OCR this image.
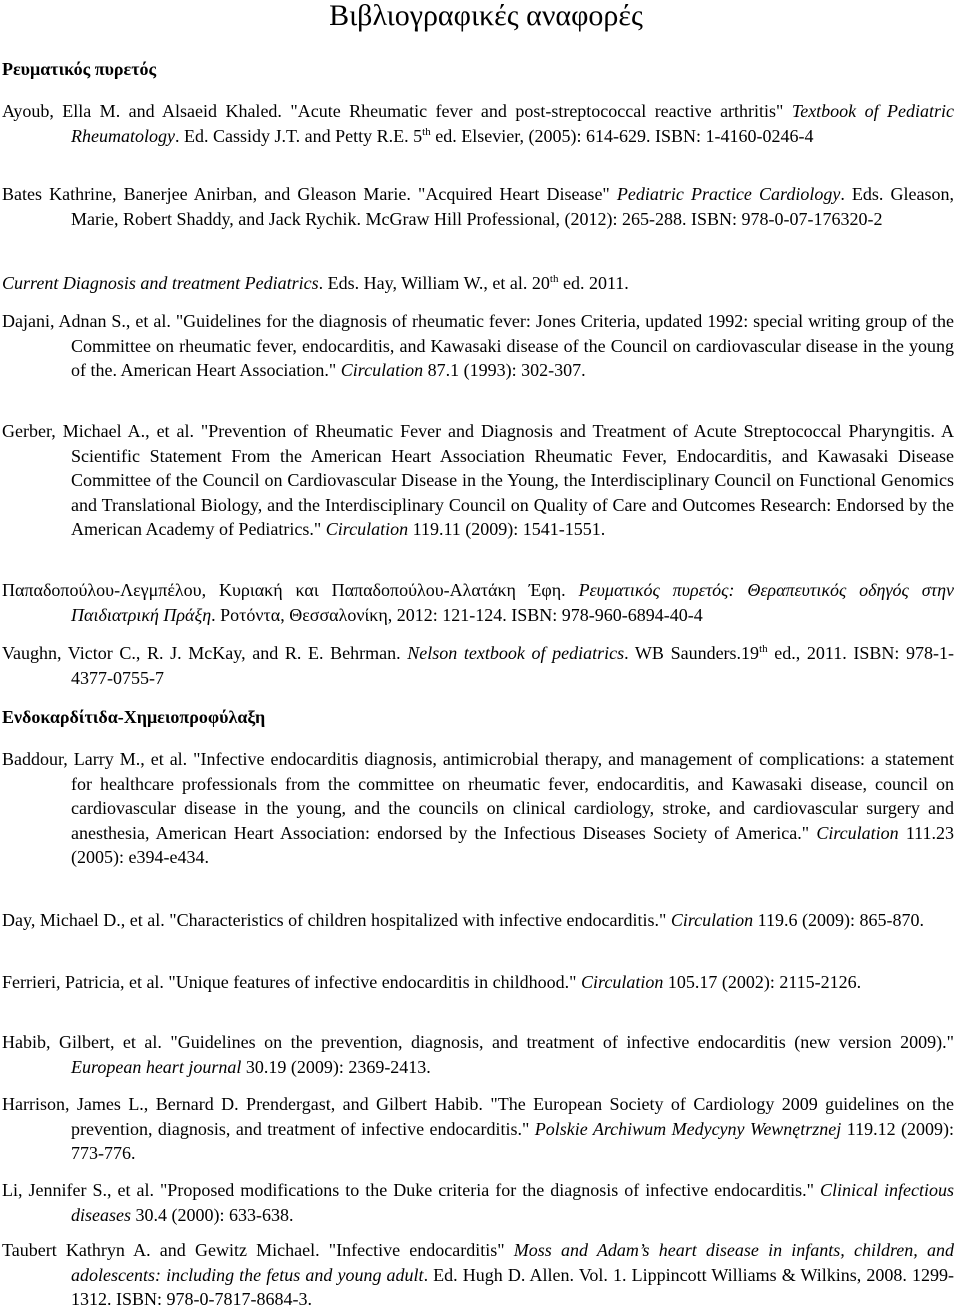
Βιβλιογραφικές αναφορές
Ρευματικός πυρετός
Ayoub, Ella M. and Alsaeid Khaled. "Acute Rheumatic fever and post-streptococcal reactive arthritis" Textbook of Pediatric Rheumatology. Ed. Cassidy J.T. and Petty R.E. 5th ed. Elsevier, (2005): 614-629. ISBN: 1-4160-0246-4
Bates Kathrine, Banerjee Anirban, and Gleason Marie. "Acquired Heart Disease" Pediatric Practice Cardiology. Eds. Gleason, Marie, Robert Shaddy, and Jack Rychik. McGraw Hill Professional, (2012): 265-288. ISBN: 978-0-07-176320-2
Current Diagnosis and treatment Pediatrics. Eds. Hay, William W., et al. 20th ed. 2011.
Dajani, Adnan S., et al. "Guidelines for the diagnosis of rheumatic fever: Jones Criteria, updated 1992: special writing group of the Committee on rheumatic fever, endocarditis, and Kawasaki disease of the Council on cardiovascular disease in the young of the. American Heart Association." Circulation 87.1 (1993): 302-307.
Gerber, Michael A., et al. "Prevention of Rheumatic Fever and Diagnosis and Treatment of Acute Streptococcal Pharyngitis. A Scientific Statement From the American Heart Association Rheumatic Fever, Endocarditis, and Kawasaki Disease Committee of the Council on Cardiovascular Disease in the Young, the Interdisciplinary Council on Functional Genomics and Translational Biology, and the Interdisciplinary Council on Quality of Care and Outcomes Research: Endorsed by the American Academy of Pediatrics." Circulation 119.11 (2009): 1541-1551.
Παπαδοπούλου-Λεγμπέλου, Κυριακή και Παπαδοπούλου-Αλατάκη Έφη. Ρευματικός πυρετός: Θεραπευτικός οδηγός στην Παιδιατρική Πράξη. Ροτόντα, Θεσσαλονίκη, 2012: 121-124. ISBN: 978-960-6894-40-4
Vaughn, Victor C., R. J. McKay, and R. E. Behrman. Nelson textbook of pediatrics. WB Saunders.19th ed., 2011. ISBN: 978-1-4377-0755-7
Ενδοκαρδίτιδα-Χημειοπροφύλαξη
Baddour, Larry M., et al. "Infective endocarditis diagnosis, antimicrobial therapy, and management of complications: a statement for healthcare professionals from the committee on rheumatic fever, endocarditis, and Kawasaki disease, council on cardiovascular disease in the young, and the councils on clinical cardiology, stroke, and cardiovascular surgery and anesthesia, American Heart Association: endorsed by the Infectious Diseases Society of America." Circulation 111.23 (2005): e394-e434.
Day, Michael D., et al. "Characteristics of children hospitalized with infective endocarditis." Circulation 119.6 (2009): 865-870.
Ferrieri, Patricia, et al. "Unique features of infective endocarditis in childhood." Circulation 105.17 (2002): 2115-2126.
Habib, Gilbert, et al. "Guidelines on the prevention, diagnosis, and treatment of infective endocarditis (new version 2009)." European heart journal 30.19 (2009): 2369-2413.
Harrison, James L., Bernard D. Prendergast, and Gilbert Habib. "The European Society of Cardiology 2009 guidelines on the prevention, diagnosis, and treatment of infective endocarditis." Polskie Archiwum Medycyny Wewnętrznej 119.12 (2009): 773-776.
Li, Jennifer S., et al. "Proposed modifications to the Duke criteria for the diagnosis of infective endocarditis." Clinical infectious diseases 30.4 (2000): 633-638.
Taubert Kathryn A. and Gewitz Michael. "Infective endocarditis" Moss and Adam’s heart disease in infants, children, and adolescents: including the fetus and young adult. Ed. Hugh D. Allen. Vol. 1. Lippincott Williams & Wilkins, 2008. 1299-1312. ISBN: 978-0-7817-8684-3.
